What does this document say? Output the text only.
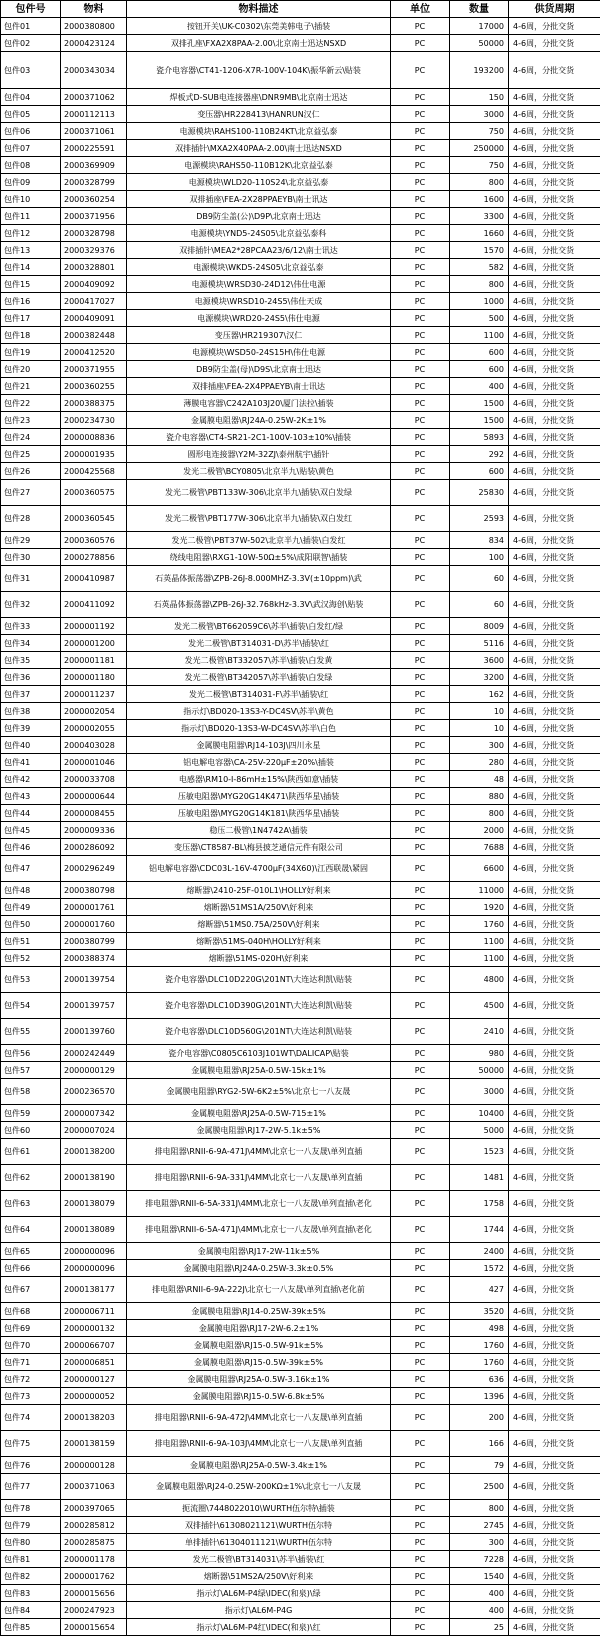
包件号	物料	物料描述	单位	数量	供货周期
包件01	2000380800	按钮开关\UK-C0302\东莞美韩电子\插装	PC	17000	4-6周，分批交货
包件02	2000423124	双排孔座\FXA2X8PAA-2.00\北京南士迅达NSXD	PC	50000	4-6周，分批交货
包件03	2000343034	瓷介电容器\CT41-1206-X7R-100V-104K\振华新云\贴装	PC	193200	4-6周，分批交货
包件04	2000371062	焊板式D-SUB电连接器座\DNR9MB\北京南士迅达	PC	150	4-6周，分批交货
包件05	2000112113	变压器\HR228413\HANRUN汉仁	PC	3000	4-6周，分批交货
包件06	2000371061	电源模块\RAHS100-110B24KT\北京益弘泰	PC	750	4-6周，分批交货
包件07	2000225591	双排插针\MXA2X40PAA-2.00\南士迅达NSXD	PC	250000	4-6周，分批交货
包件08	2000369909	电源模块\RAHS50-110B12K\北京益弘泰	PC	750	4-6周，分批交货
包件09	2000328799	电源模块\WLD20-110S24\北京益弘泰	PC	800	4-6周，分批交货
包件10	2000360254	双排插座\FEA-2X28PPAEYB\南士讯达	PC	1600	4-6周，分批交货
包件11	2000371956	DB9防尘盖(公)\D9P\北京南士迅达	PC	3300	4-6周，分批交货
包件12	2000328798	电源模块\YND5-24S05\北京益弘泰科	PC	1660	4-6周，分批交货
包件13	2000329376	双排插针\MEA2*28PCAA23/6/12\南士讯达	PC	1570	4-6周，分批交货
包件14	2000328801	电源模块\WKD5-24S05\北京益弘泰	PC	582	4-6周，分批交货
包件15	2000409092	电源模块\WRSD30-24D12\伟仕电源	PC	800	4-6周，分批交货
包件16	2000417027	电源模块\WRSD10-24S5\伟仕天成	PC	1000	4-6周，分批交货
包件17	2000409091	电源模块\WRD20-24S5\伟仕电源	PC	500	4-6周，分批交货
包件18	2000382448	变压器\HR219307\汉仁	PC	1100	4-6周，分批交货
包件19	2000412520	电源模块\WSD50-24S15H\伟仕电源	PC	600	4-6周，分批交货
包件20	2000371955	DB9防尘盖(母)\D9S\北京南士迅达	PC	600	4-6周，分批交货
包件21	2000360255	双排插座\FEA-2X4PPAEYB\南士讯达	PC	400	4-6周，分批交货
包件22	2000388375	薄膜电容器\C242A103J20\厦门法拉\插装	PC	1500	4-6周，分批交货
包件23	2000234730	金属膜电阻器\RJ24A-0.25W-2K±1%	PC	1500	4-6周，分批交货
包件24	2000008836	瓷介电容器\CT4-SR21-2C1-100V-103±10%\插装	PC	5893	4-6周，分批交货
包件25	2000001935	圆形电连接器\Y2M-32ZJ\泰州航宇\插针	PC	292	4-6周，分批交货
包件26	2000425568	发光二极管\BCY0805\北京半九\贴装\黄色	PC	600	4-6周，分批交货
包件27	2000360575	发光二极管\PBT133W-306\北京半九\插装\双白发绿	PC	25830	4-6周，分批交货
包件28	2000360545	发光二极管\PBT177W-306\北京半九\插装\双白发红	PC	2593	4-6周，分批交货
包件29	2000360576	发光二极管\PBT37W-502\北京半九\插装\白发红	PC	834	4-6周，分批交货
包件30	2000278856	绕线电阻器\RXG1-10W-50Ω±5%\成阳联智\插装	PC	100	4-6周，分批交货
包件31	2000410987	石英晶体振荡器\ZPB-26J-8.000MHZ-3.3V(±10ppm)\武	PC	60	4-6周，分批交货
包件32	2000411092	石英晶体振荡器\ZPB-26J-32.768kHz-3.3V\武汉海创\贴装	PC	60	4-6周，分批交货
包件33	2000001192	发光二极管\BT662059C6\苏半\插装\白发红/绿	PC	8009	4-6周，分批交货
包件34	2000001200	发光二极管\BT314031-D\苏半\插装\红	PC	5116	4-6周，分批交货
包件35	2000001181	发光二极管\BT332057\苏半\插装\白发黄	PC	3600	4-6周，分批交货
包件36	2000001180	发光二极管\BT342057\苏半\插装\白发绿	PC	3200	4-6周，分批交货
包件37	2000011237	发光二极管\BT314031-F\苏半\插装\红	PC	162	4-6周，分批交货
包件38	2000002054	指示灯\BD020-13S3-Y-DC4SV\苏半\黄色	PC	10	4-6周，分批交货
包件39	2000002055	指示灯\BD020-13S3-W-DC4SV\苏半\白色	PC	10	4-6周，分批交货
包件40	2000403028	金属膜电阻器\RJ14-103J\四川永星	PC	300	4-6周，分批交货
包件41	2000001046	铝电解电容器\CA-25V-220μF±20%\插装	PC	280	4-6周，分批交货
包件42	2000033708	电感器\RM10-I-86mH±15%\陕西如意\插装	PC	48	4-6周，分批交货
包件43	2000000644	压敏电阻器\MYG20G14K471\陕西华星\插装	PC	880	4-6周，分批交货
包件44	2000008455	压敏电阻器\MYG20G14K181\陕西华星\插装	PC	800	4-6周，分批交货
包件45	2000009336	稳压二极管\1N4742A\插装	PC	2000	4-6周，分批交货
包件46	2000286092	变压器\CT8587-BL\梅县披芝通信元件有限公司	PC	7688	4-6周，分批交货
包件47	2000296249	铝电解电容器\CDC03L-16V-4700μF(34X60)\江西联晟\紧固	PC	6600	4-6周，分批交货
包件48	2000380798	熔断器\2410-25F-010L1\HOLLY好利来	PC	11000	4-6周，分批交货
包件49	2000001761	熔断器\51MS1A/250V\好利来	PC	1920	4-6周，分批交货
包件50	2000001760	熔断器\51MS0.75A/250V\好利来	PC	1760	4-6周，分批交货
包件51	2000380799	熔断器\51MS-040H\HOLLY好利来	PC	1100	4-6周，分批交货
包件52	2000388374	熔断器\51MS-020H\好利来	PC	1100	4-6周，分批交货
包件53	2000139754	瓷介电容器\DLC10D220G\201NT\大连达利凯\贴装	PC	4800	4-6周，分批交货
包件54	2000139757	瓷介电容器\DLC10D390G\201NT\大连达利凯\贴装	PC	4500	4-6周，分批交货
包件55	2000139760	瓷介电容器\DLC10D560G\201NT\大连达利凯\贴装	PC	2410	4-6周，分批交货
包件56	2000242449	瓷介电容器\C0805C6103J101WT\DALICAP\贴装	PC	980	4-6周，分批交货
包件57	2000000129	金属膜电阻器\RJ25A-0.5W-15k±1%	PC	50000	4-6周，分批交货
包件58	2000236570	金属膜电阻器\RYG2-5W-6K2±5%\北京七一八友晟	PC	3000	4-6周，分批交货
包件59	2000007342	金属膜电阻器\RJ25A-0.5W-715±1%	PC	10400	4-6周，分批交货
包件60	2000007024	金属膜电阻器\RJ17-2W-5.1k±5%	PC	5000	4-6周，分批交货
包件61	2000138200	排电阻器\RNII-6-9A-471J\4MM\北京七一八友晟\单列直插	PC	1523	4-6周，分批交货
包件62	2000138190	排电阻器\RNII-6-9A-331J\4MM\北京七一八友晟\单列直插	PC	1481	4-6周，分批交货
包件63	2000138079	排电阻器\RNII-6-5A-331J\4MM\北京七一八友晟\单列直插\老化	PC	1758	4-6周，分批交货
包件64	2000138089	排电阻器\RNII-6-5A-471J\4MM\北京七一八友晟\单列直插\老化	PC	1744	4-6周，分批交货
包件65	2000000096	金属膜电阻器\RJ17-2W-11k±5%	PC	2400	4-6周，分批交货
包件66	2000000096	金属膜电阻器\RJ24A-0.25W-3.3k±0.5%	PC	1572	4-6周，分批交货
包件67	2000138177	排电阻器\RNII-6-9A-222J\北京七一八友晟\单列直插\老化前	PC	427	4-6周，分批交货
包件68	2000006711	金属膜电阻器\RJ14-0.25W-39k±5%	PC	3520	4-6周，分批交货
包件69	2000000132	金属膜电阻器\RJ17-2W-6.2±1%	PC	498	4-6周，分批交货
包件70	2000066707	金属膜电阻器\RJ15-0.5W-91k±5%	PC	1760	4-6周，分批交货
包件71	2000006851	金属膜电阻器\RJ15-0.5W-39k±5%	PC	1760	4-6周，分批交货
包件72	2000000127	金属膜电阻器\RJ25A-0.5W-3.16k±1%	PC	636	4-6周，分批交货
包件73	2000000052	金属膜电阻器\RJ15-0.5W-6.8k±5%	PC	1396	4-6周，分批交货
包件74	2000138203	排电阻器\RNII-6-9A-472J\4MM\北京七一八友晟\单列直插	PC	200	4-6周，分批交货
包件75	2000138159	排电阻器\RNII-6-9A-103J\4MM\北京七一八友晟\单列直插	PC	166	4-6周，分批交货
包件76	2000000128	金属膜电阻器\RJ25A-0.5W-3.4k±1%	PC	79	4-6周，分批交货
包件77	2000371063	金属膜电阻器\RJ24-0.25W-200KΩ±1%\北京七一八友晟	PC	2500	4-6周，分批交货
包件78	2000397065	扼流圈\7448022010\WURTH伍尔特\插装	PC	800	4-6周，分批交货
包件79	2000285812	双排插针\61308021121\WURTH伍尔特	PC	2745	4-6周，分批交货
包件80	2000285875	单排插针\61304011121\WURTH伍尔特	PC	300	4-6周，分批交货
包件81	2000001178	发光二极管\BT314031\苏半\插装\红	PC	7228	4-6周，分批交货
包件82	2000001762	熔断器\51MS2A/250V\好利来	PC	1540	4-6周，分批交货
包件83	2000015656	指示灯\AL6M-P4绿\IDEC(和泉)\绿	PC	400	4-6周，分批交货
包件84	2000247923	指示灯\AL6M-P4G	PC	400	4-6周，分批交货
包件85	2000015654	指示灯\AL6M-P4红\IDEC(和泉)\红	PC	25	4-6周，分批交货
